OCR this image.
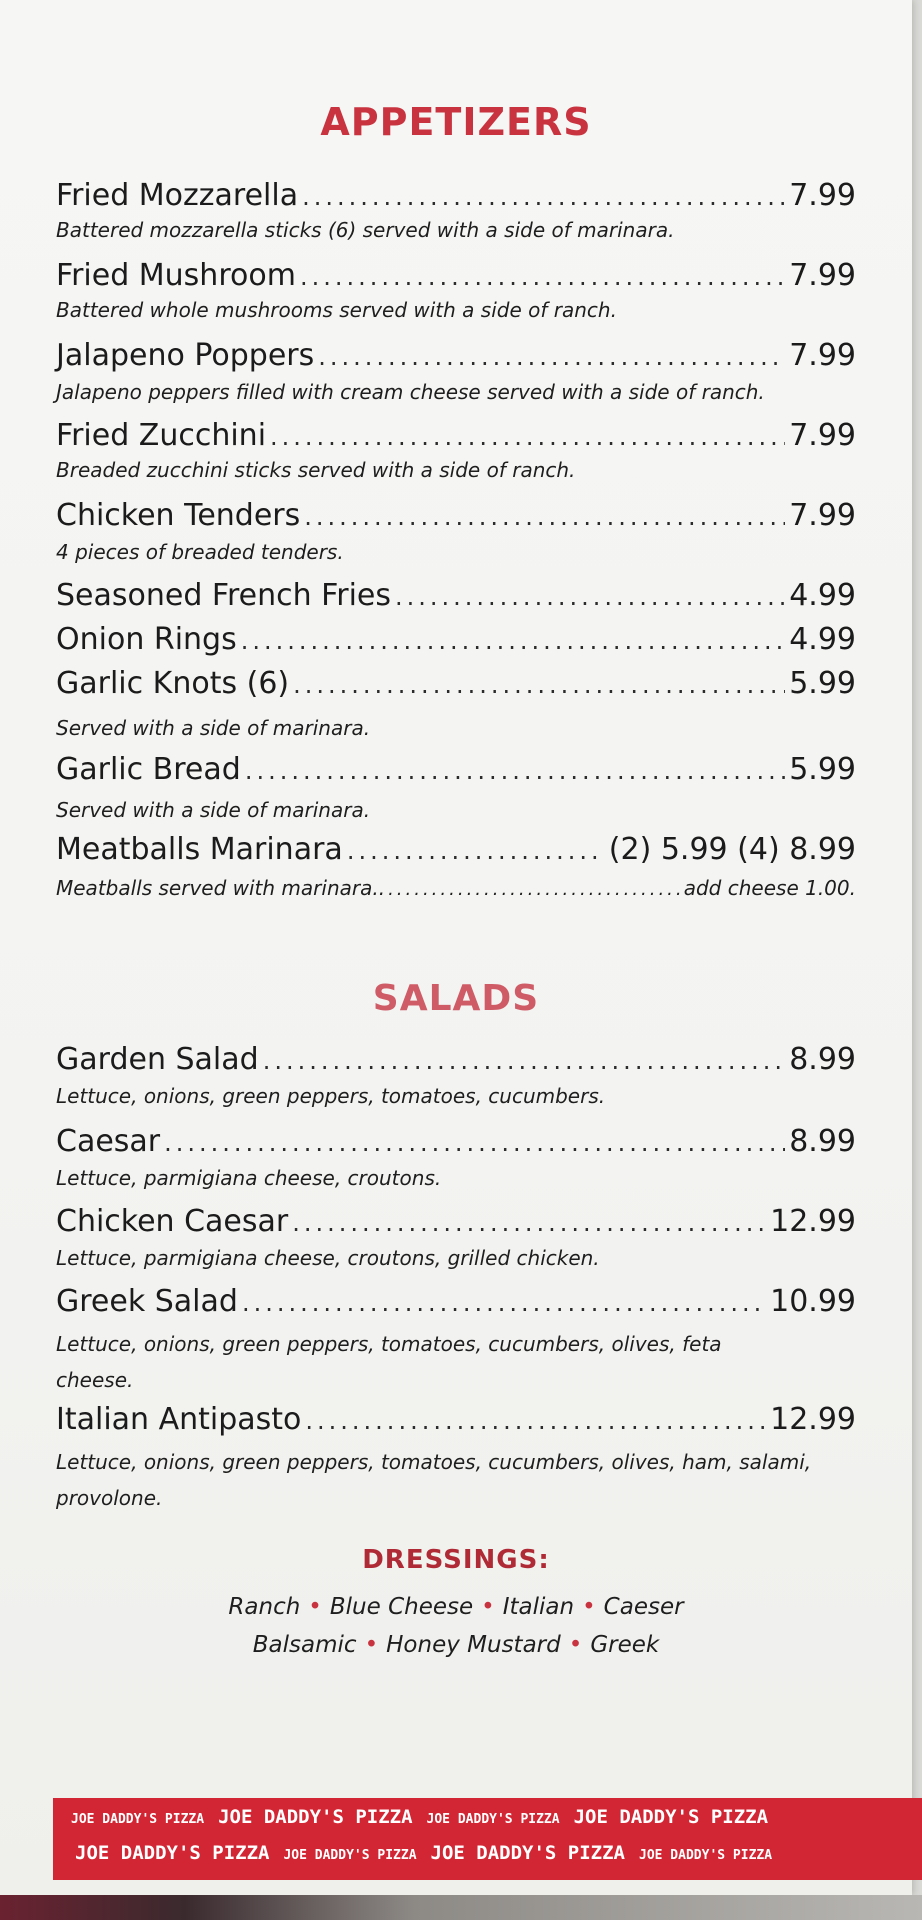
APPETIZERS
Fried Mozzarella .....	7.99
Battered mozzarella sticks (6) served with a side of marinara.
Fried Mushroom .....	7.99
Battered whole mushrooms served with a side of ranch.
Jalapeno Poppers .....	7.99
Jalapeno peppers filled with cream cheese served with a side of ranch.
Fried Zucchini .....	7.99
Breaded zucchini sticks served with a side of ranch.
Chicken Tenders .....	7.99
4 pieces of breaded tenders.
Seasoned French Fries .....	4.99
Onion Rings .....	4.99
Garlic Knots (6) .....	5.99
Served with a side of marinara.
Garlic Bread .....	5.99
Served with a side of marinara.
Meatballs Marinara .....	(2) 5.99 (4) 8.99
Meatballs served with marinara.. .....	add cheese 1.00.
SALADS
Garden Salad .....	8.99
Lettuce, onions, green peppers, tomatoes, cucumbers.
Caesar .....	8.99
Lettuce, parmigiana cheese, croutons.
Chicken Caesar .....	12.99
Lettuce, parmigiana cheese, croutons, grilled chicken.
Greek Salad .....	10.99
Lettuce, onions, green peppers, tomatoes, cucumbers, olives, feta cheese.
Italian Antipasto .....	12.99
Lettuce, onions, green peppers, tomatoes, cucumbers, olives, ham, salami, provolone.
DRESSINGS:
Ranch • Blue Cheese • Italian • Caeser
Balsamic • Honey Mustard • Greek
JOE DADDY'S PIZZA JOE DADDY'S PIZZA JOE DADDY'S PIZZA JOE DADDY'S PIZZA
JOE DADDY'S PIZZA JOE DADDY'S PIZZA JOE DADDY'S PIZZA JOE DADDY'S PIZZA
